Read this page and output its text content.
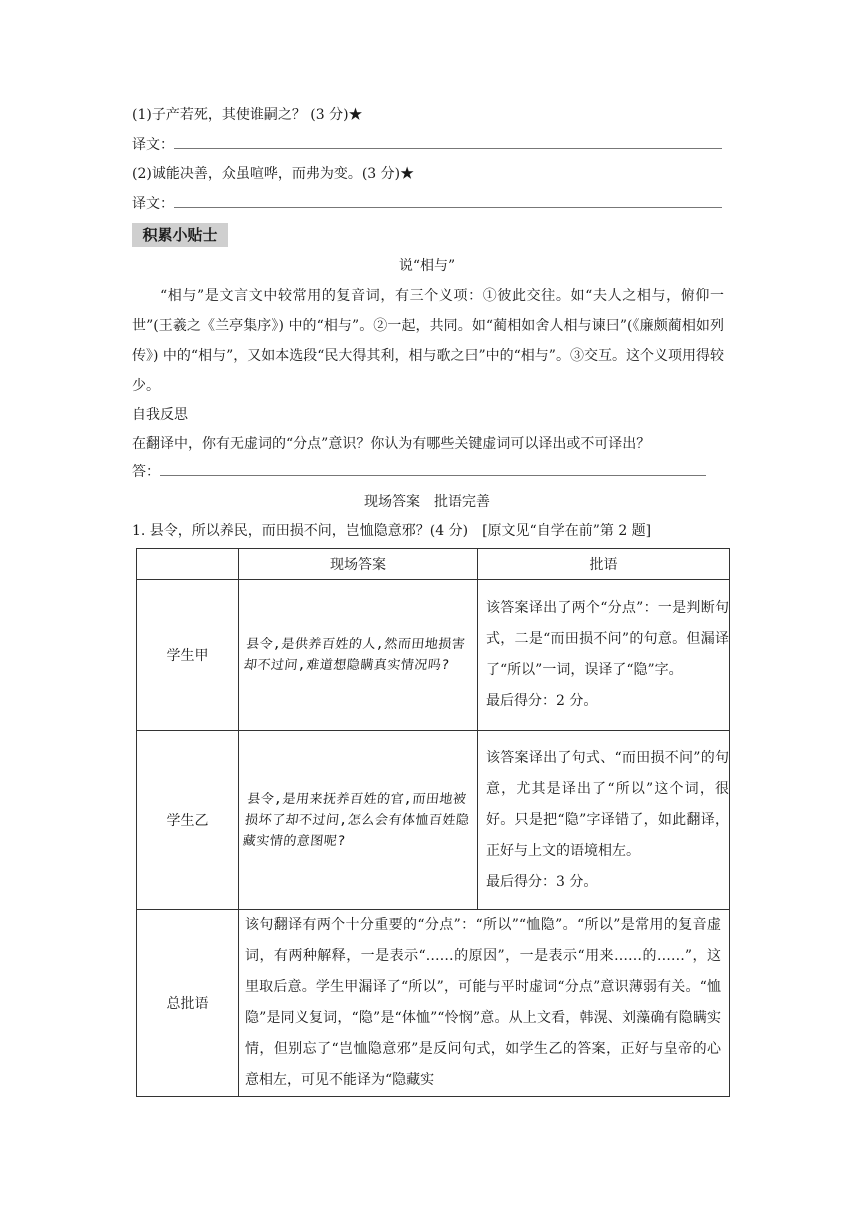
(1)子产若死，其使谁嗣之？ (3 分)★
译文：
(2)诚能决善，众虽喧哗，而弗为变。(3 分)★
译文：
积累小贴士
说“相与”
“相与”是文言文中较常用的复音词，有三个义项：①彼此交往。如“夫人之相与，俯仰一世”(王羲之《兰亭集序》) 中的“相与”。②一起，共同。如“蔺相如舍人相与谏曰”(《廉颇蔺相如列传》) 中的“相与”，又如本选段“民大得其利，相与歌之曰”中的“相与”。③交互。这个义项用得较少。
自我反思
在翻译中，你有无虚词的“分点”意识？你认为有哪些关键虚词可以译出或不可译出？
答：
现场答案　批语完善
1. 县令，所以养民，而田损不问，岂恤隐意邪？(4 分)　[原文见“自学在前”第 2 题]
	现场答案	批语
学生甲	县令,是供养百姓的人,然而田地损害却不过问,难道想隐瞒真实情况吗?	该答案译出了两个“分点”：一是判断句式，二是“而田损不问”的句意。但漏译了“所以”一词，误译了“隐”字。
最后得分：2 分。

学生乙	县令,是用来抚养百姓的官,而田地被损坏了却不过问,怎么会有体恤百姓隐藏实情的意图呢?	该答案译出了句式、“而田损不问”的句意，尤其是译出了“所以”这个词，很好。只是把“隐”字译错了，如此翻译，正好与上文的语境相左。
最后得分：3 分。

总批语	该句翻译有两个十分重要的“分点”：“所以”“恤隐”。“所以”是常用的复音虚词，有两种解释，一是表示“……的原因”，一是表示“用来……的……”，这里取后意。学生甲漏译了“所以”，可能与平时虚词“分点”意识薄弱有关。“恤隐”是同义复词，“隐”是“体恤”“怜悯”意。从上文看，韩滉、刘藻确有隐瞒实情，但别忘了“岂恤隐意邪”是反问句式，如学生乙的答案，正好与皇帝的心意相左，可见不能译为“隐藏实	
